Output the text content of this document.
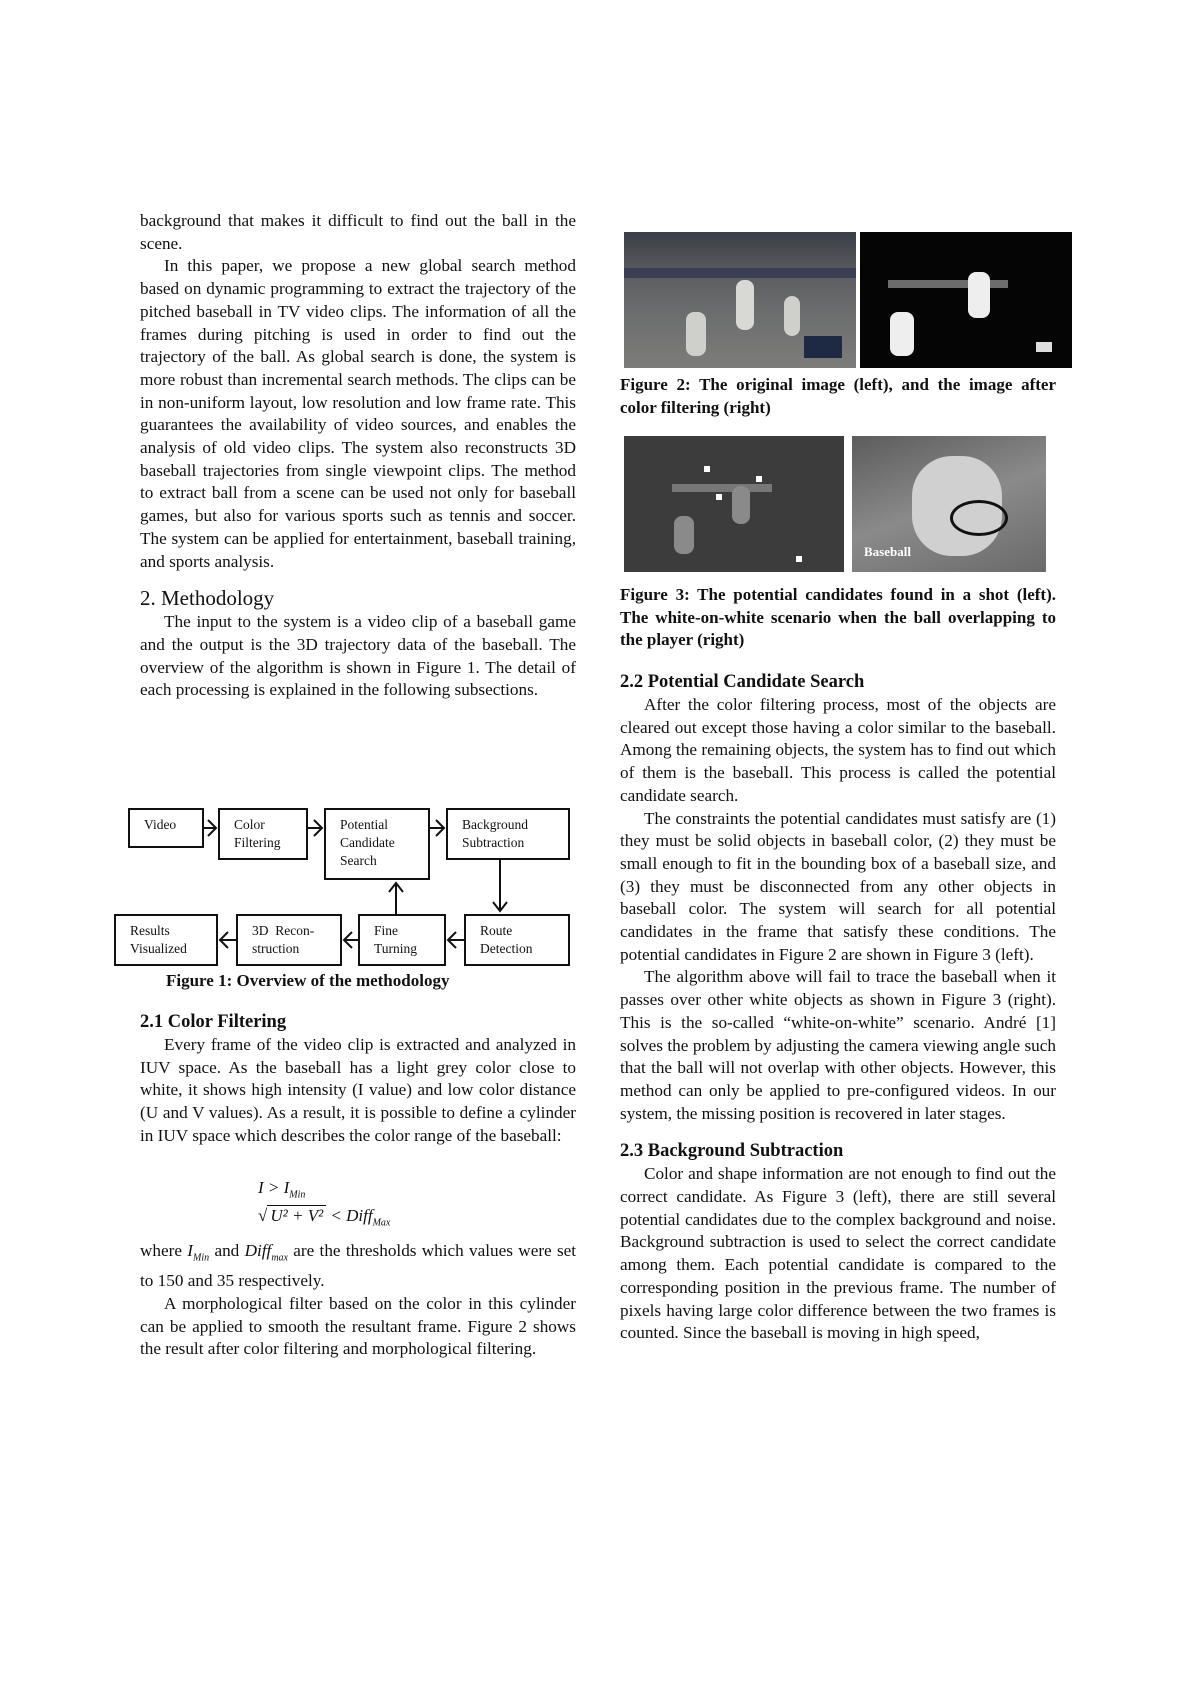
background that makes it difficult to find out the ball in the scene.

In this paper, we propose a new global search method based on dynamic programming to extract the trajectory of the pitched baseball in TV video clips. The information of all the frames during pitching is used in order to find out the trajectory of the ball. As global search is done, the system is more robust than incremental search methods. The clips can be in non-uniform layout, low resolution and low frame rate. This guarantees the availability of video sources, and enables the analysis of old video clips. The system also reconstructs 3D baseball trajectories from single viewpoint clips. The method to extract ball from a scene can be used not only for baseball games, but also for various sports such as tennis and soccer. The system can be applied for entertainment, baseball training, and sports analysis.

2. Methodology

The input to the system is a video clip of a baseball game and the output is the 3D trajectory data of the baseball. The overview of the algorithm is shown in Figure 1. The detail of each processing is explained in the following subsections.

Video	Color
Filtering
Potential
Candidate
Search
Background
Subtraction
Results
Visualized
3D  Recon-
struction
Fine
Turning
Route
Detection
Figure 1: Overview of the methodology
2.1 Color Filtering

Every frame of the video clip is extracted and analyzed in IUV space. As the baseball has a light grey color close to white, it shows high intensity (I value) and low color distance (U and V values). As a result, it is possible to define a cylinder in IUV space which describes the color range of the baseball:

$I > I_{Min}$
√ U² + V² < Diff$_{Max}$

where $I_{Min}$ and Diff$_{max}$ are the thresholds which values were set to 150 and 35 respectively.

A morphological filter based on the color in this cylinder can be applied to smooth the resultant frame. Figure 2 shows the result after color filtering and morphological filtering.

Figure 2: The original image (left), and the image after color filtering (right)
Baseball
Figure 3: The potential candidates found in a shot (left). The white-on-white scenario when the ball overlapping to the player (right)
2.2 Potential Candidate Search

After the color filtering process, most of the objects are cleared out except those having a color similar to the baseball. Among the remaining objects, the system has to find out which of them is the baseball. This process is called the potential candidate search.

The constraints the potential candidates must satisfy are (1) they must be solid objects in baseball color, (2) they must be small enough to fit in the bounding box of a baseball size, and (3) they must be disconnected from any other objects in baseball color. The system will search for all potential candidates in the frame that satisfy these conditions. The potential candidates in Figure 2 are shown in Figure 3 (left).

The algorithm above will fail to trace the baseball when it passes over other white objects as shown in Figure 3 (right). This is the so-called “white-on-white” scenario. André [1] solves the problem by adjusting the camera viewing angle such that the ball will not overlap with other objects. However, this method can only be applied to pre-configured videos. In our system, the missing position is recovered in later stages.

2.3 Background Subtraction

Color and shape information are not enough to find out the correct candidate. As Figure 3 (left), there are still several potential candidates due to the complex background and noise. Background subtraction is used to select the correct candidate among them. Each potential candidate is compared to the corresponding position in the previous frame. The number of pixels having large color difference between the two frames is counted. Since the baseball is moving in high speed,
